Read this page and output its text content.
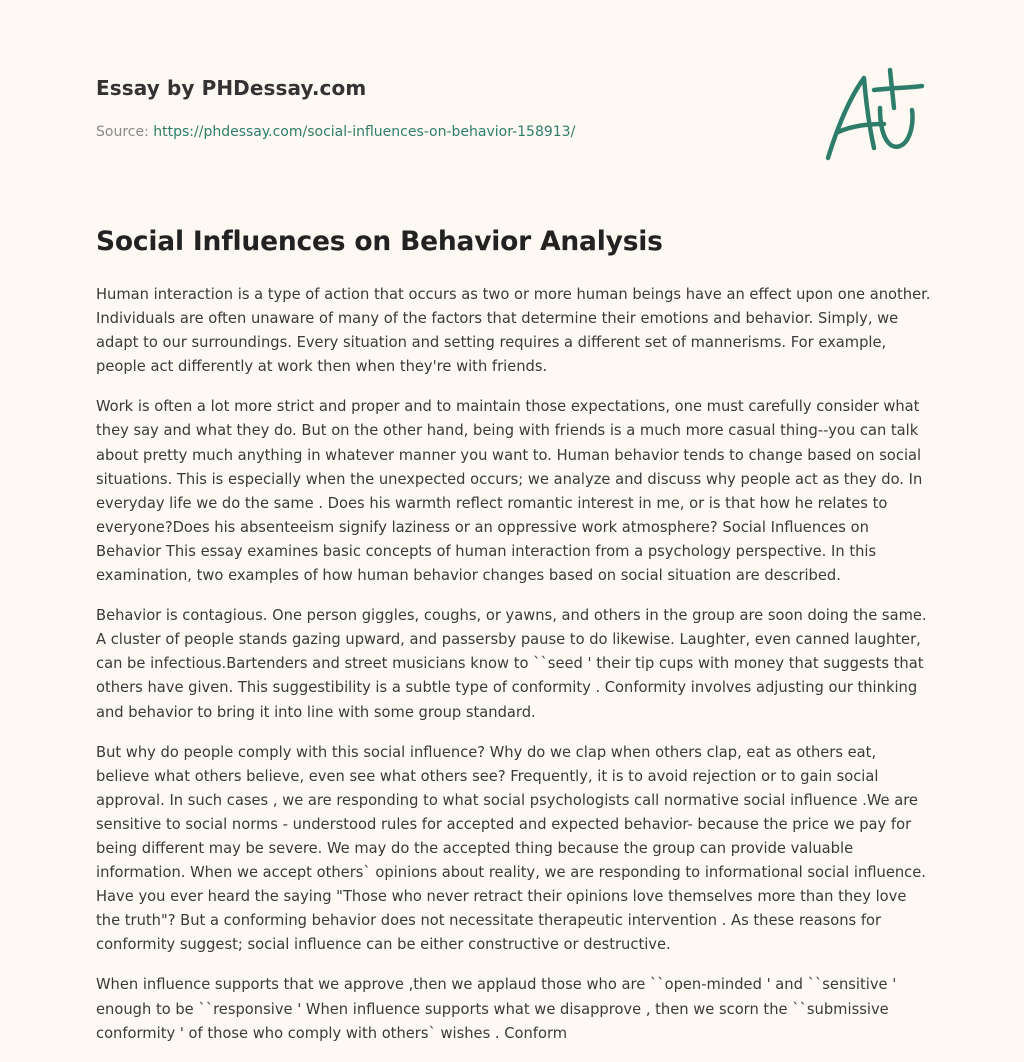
Essay by PHDessay.com

Source: https://phdessay.com/social-influences-on-behavior-158913/
Social Influences on Behavior Analysis

Human interaction is a type of action that occurs as two or more human beings have an effect upon one another. Individuals are often unaware of many of the factors that determine their emotions and behavior. Simply, we adapt to our surroundings. Every situation and setting requires a different set of mannerisms. For example, people act differently at work then when they're with friends.

Work is often a lot more strict and proper and to maintain those expectations, one must carefully consider what they say and what they do. But on the other hand, being with friends is a much more casual thing--you can talk about pretty much anything in whatever manner you want to. Human behavior tends to change based on social situations. This is especially when the unexpected occurs; we analyze and discuss why people act as they do. In everyday life we do the same . Does his warmth reflect romantic interest in me, or is that how he relates to everyone?Does his absenteeism signify laziness or an oppressive work atmosphere? Social Influences on Behavior This essay examines basic concepts of human interaction from a psychology perspective. In this examination, two examples of how human behavior changes based on social situation are described.

Behavior is contagious. One person giggles, coughs, or yawns, and others in the group are soon doing the same. A cluster of people stands gazing upward, and passersby pause to do likewise. Laughter, even canned laughter, can be infectious.Bartenders and street musicians know to ``seed ' their tip cups with money that suggests that others have given. This suggestibility is a subtle type of conformity . Conformity involves adjusting our thinking and behavior to bring it into line with some group standard.

But why do people comply with this social influence? Why do we clap when others clap, eat as others eat, believe what others believe, even see what others see? Frequently, it is to avoid rejection or to gain social approval. In such cases , we are responding to what social psychologists call normative social influence .We are sensitive to social norms - understood rules for accepted and expected behavior- because the price we pay for being different may be severe. We may do the accepted thing because the group can provide valuable information. When we accept others` opinions about reality, we are responding to informational social influence. Have you ever heard the saying "Those who never retract their opinions love themselves more than they love the truth"? But a conforming behavior does not necessitate therapeutic intervention . As these reasons for conformity suggest; social influence can be either constructive or destructive.

When influence supports that we approve ,then we applaud those who are ``open-minded ' and ``sensitive ' enough to be ``responsive ' When influence supports what we disapprove , then we scorn the ``submissive conformity ' of those who comply with others` wishes . Conform
